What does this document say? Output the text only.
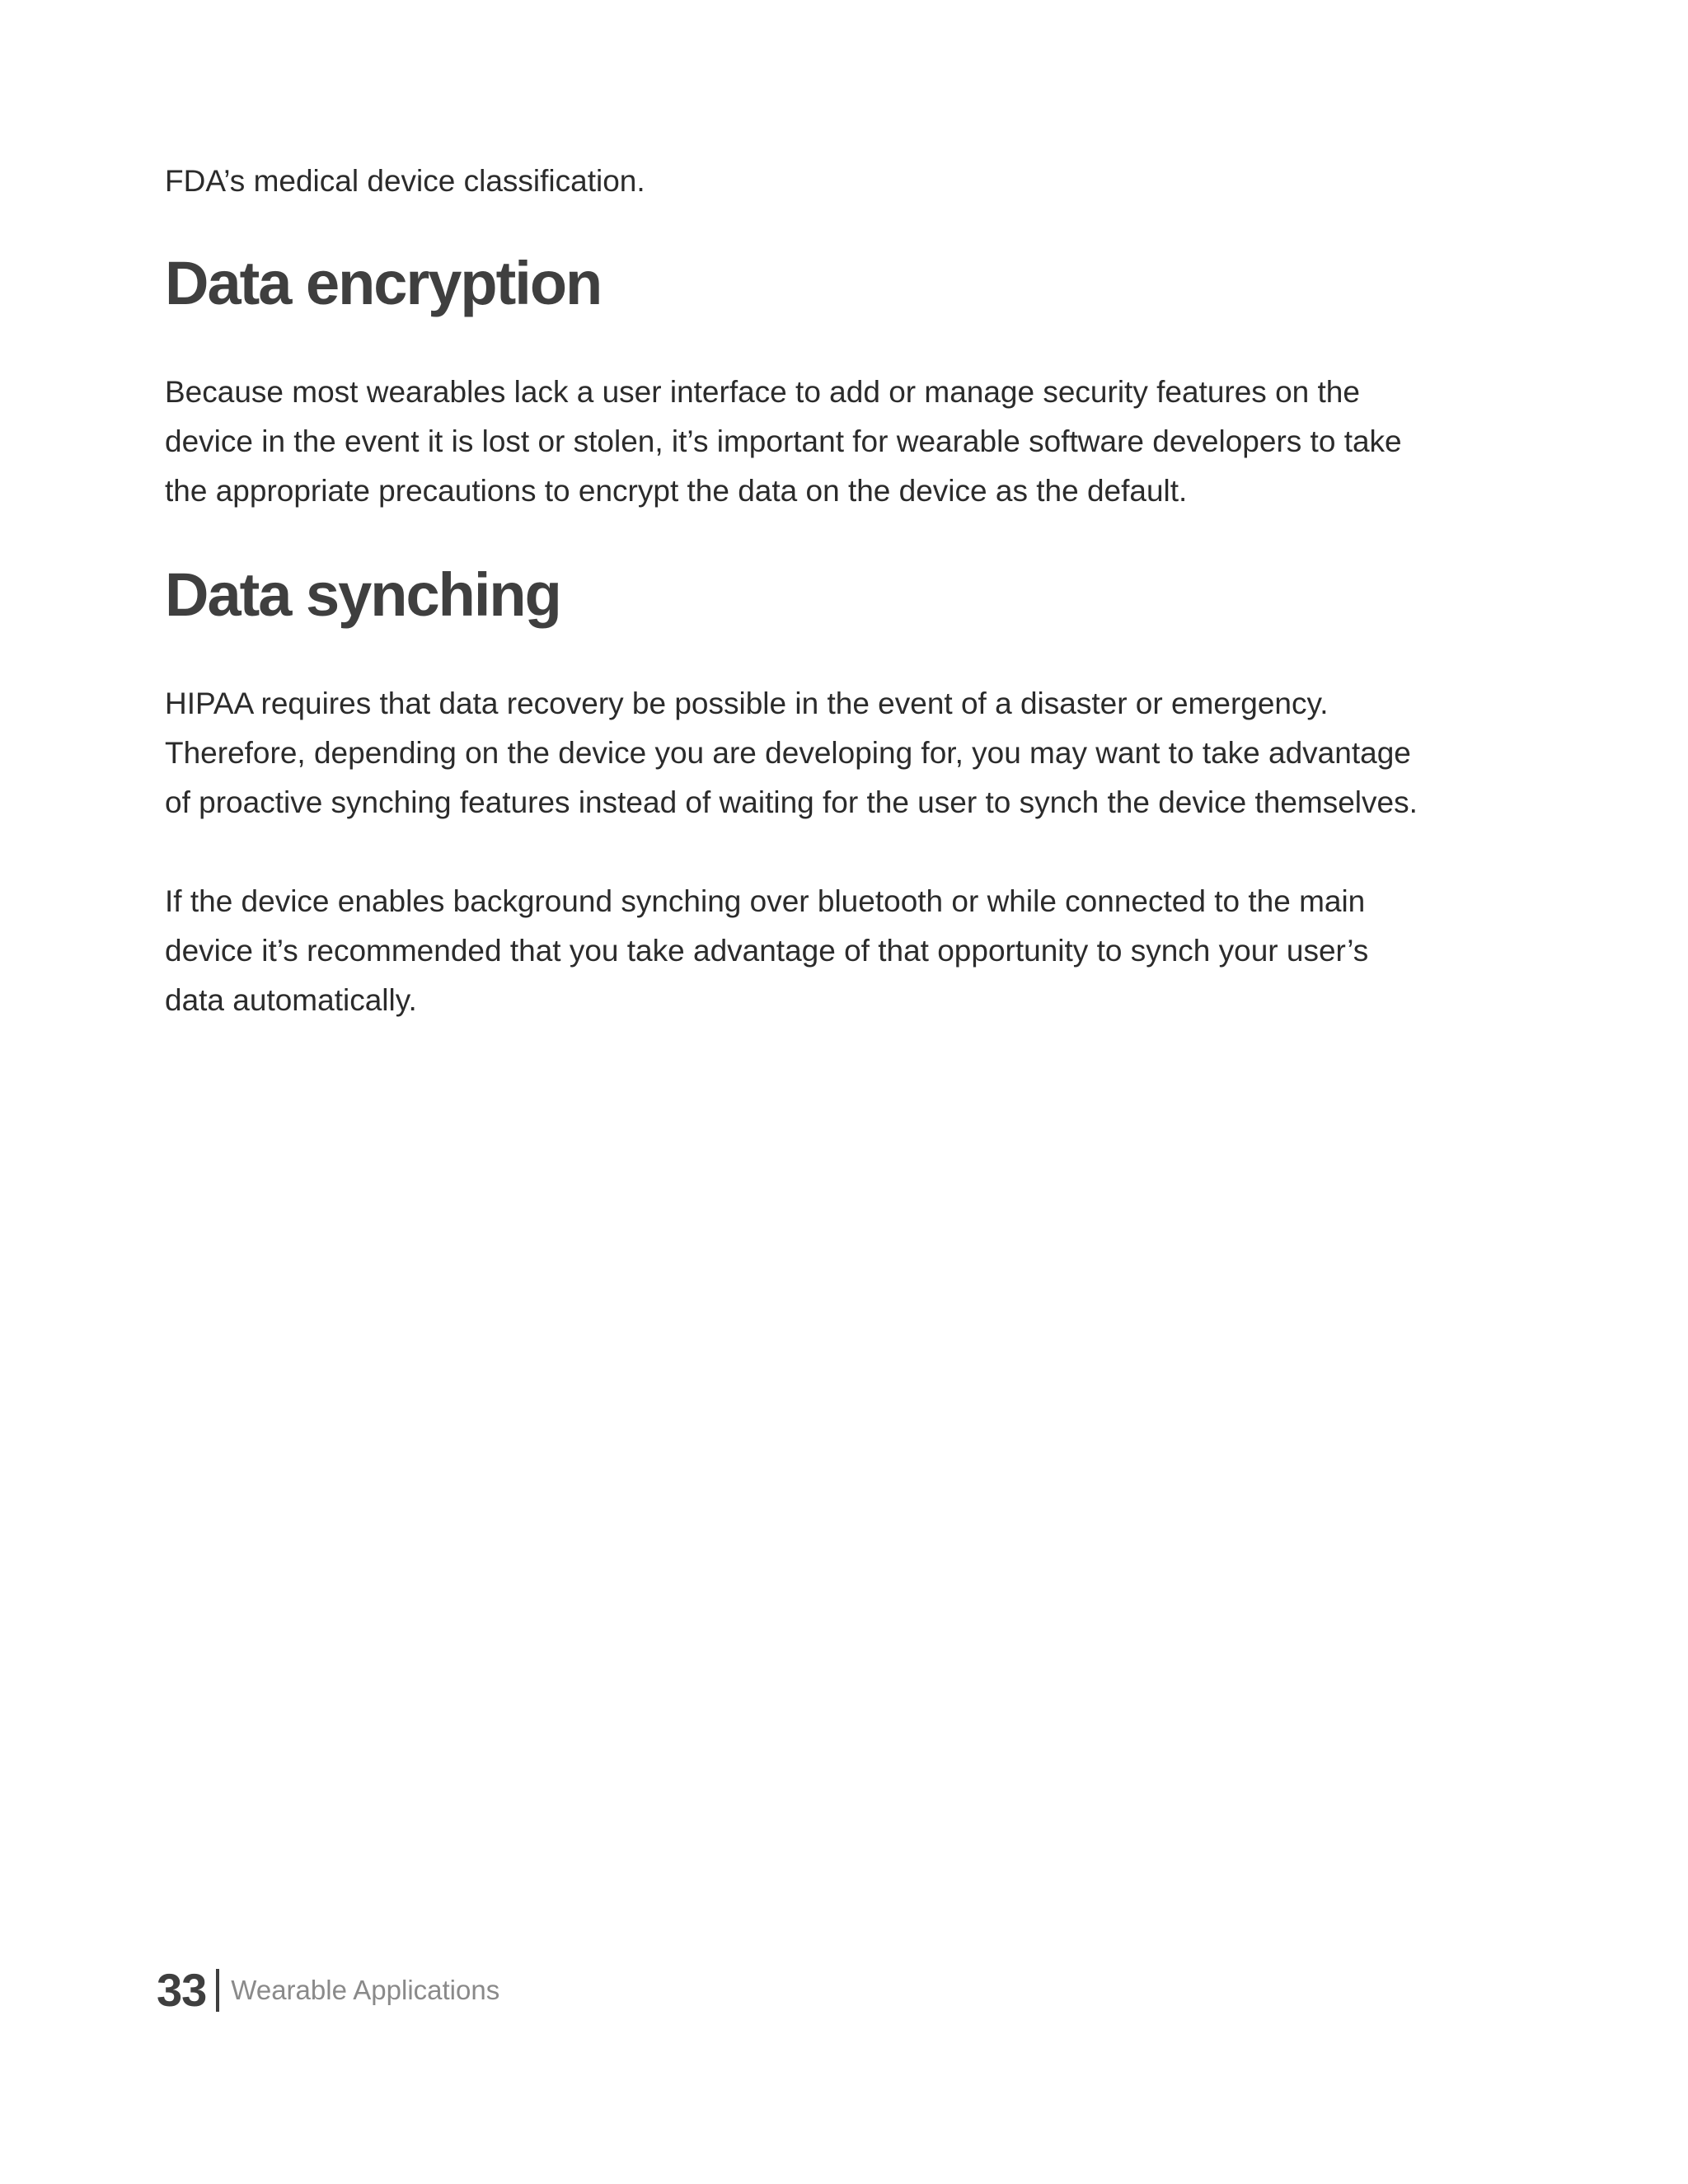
FDA’s medical device classification.

Data encryption

Because most wearables lack a user interface to add or manage security features on the
device in the event it is lost or stolen, it’s important for wearable software developers to take
the appropriate precautions to encrypt the data on the device as the default.

Data synching

HIPAA requires that data recovery be possible in the event of a disaster or emergency.
Therefore, depending on the device you are developing for, you may want to take advantage
of proactive synching features instead of waiting for the user to synch the device themselves.

If the device enables background synching over bluetooth or while connected to the main
device it’s recommended that you take advantage of that opportunity to synch your user’s
data automatically.

33 Wearable Applications
